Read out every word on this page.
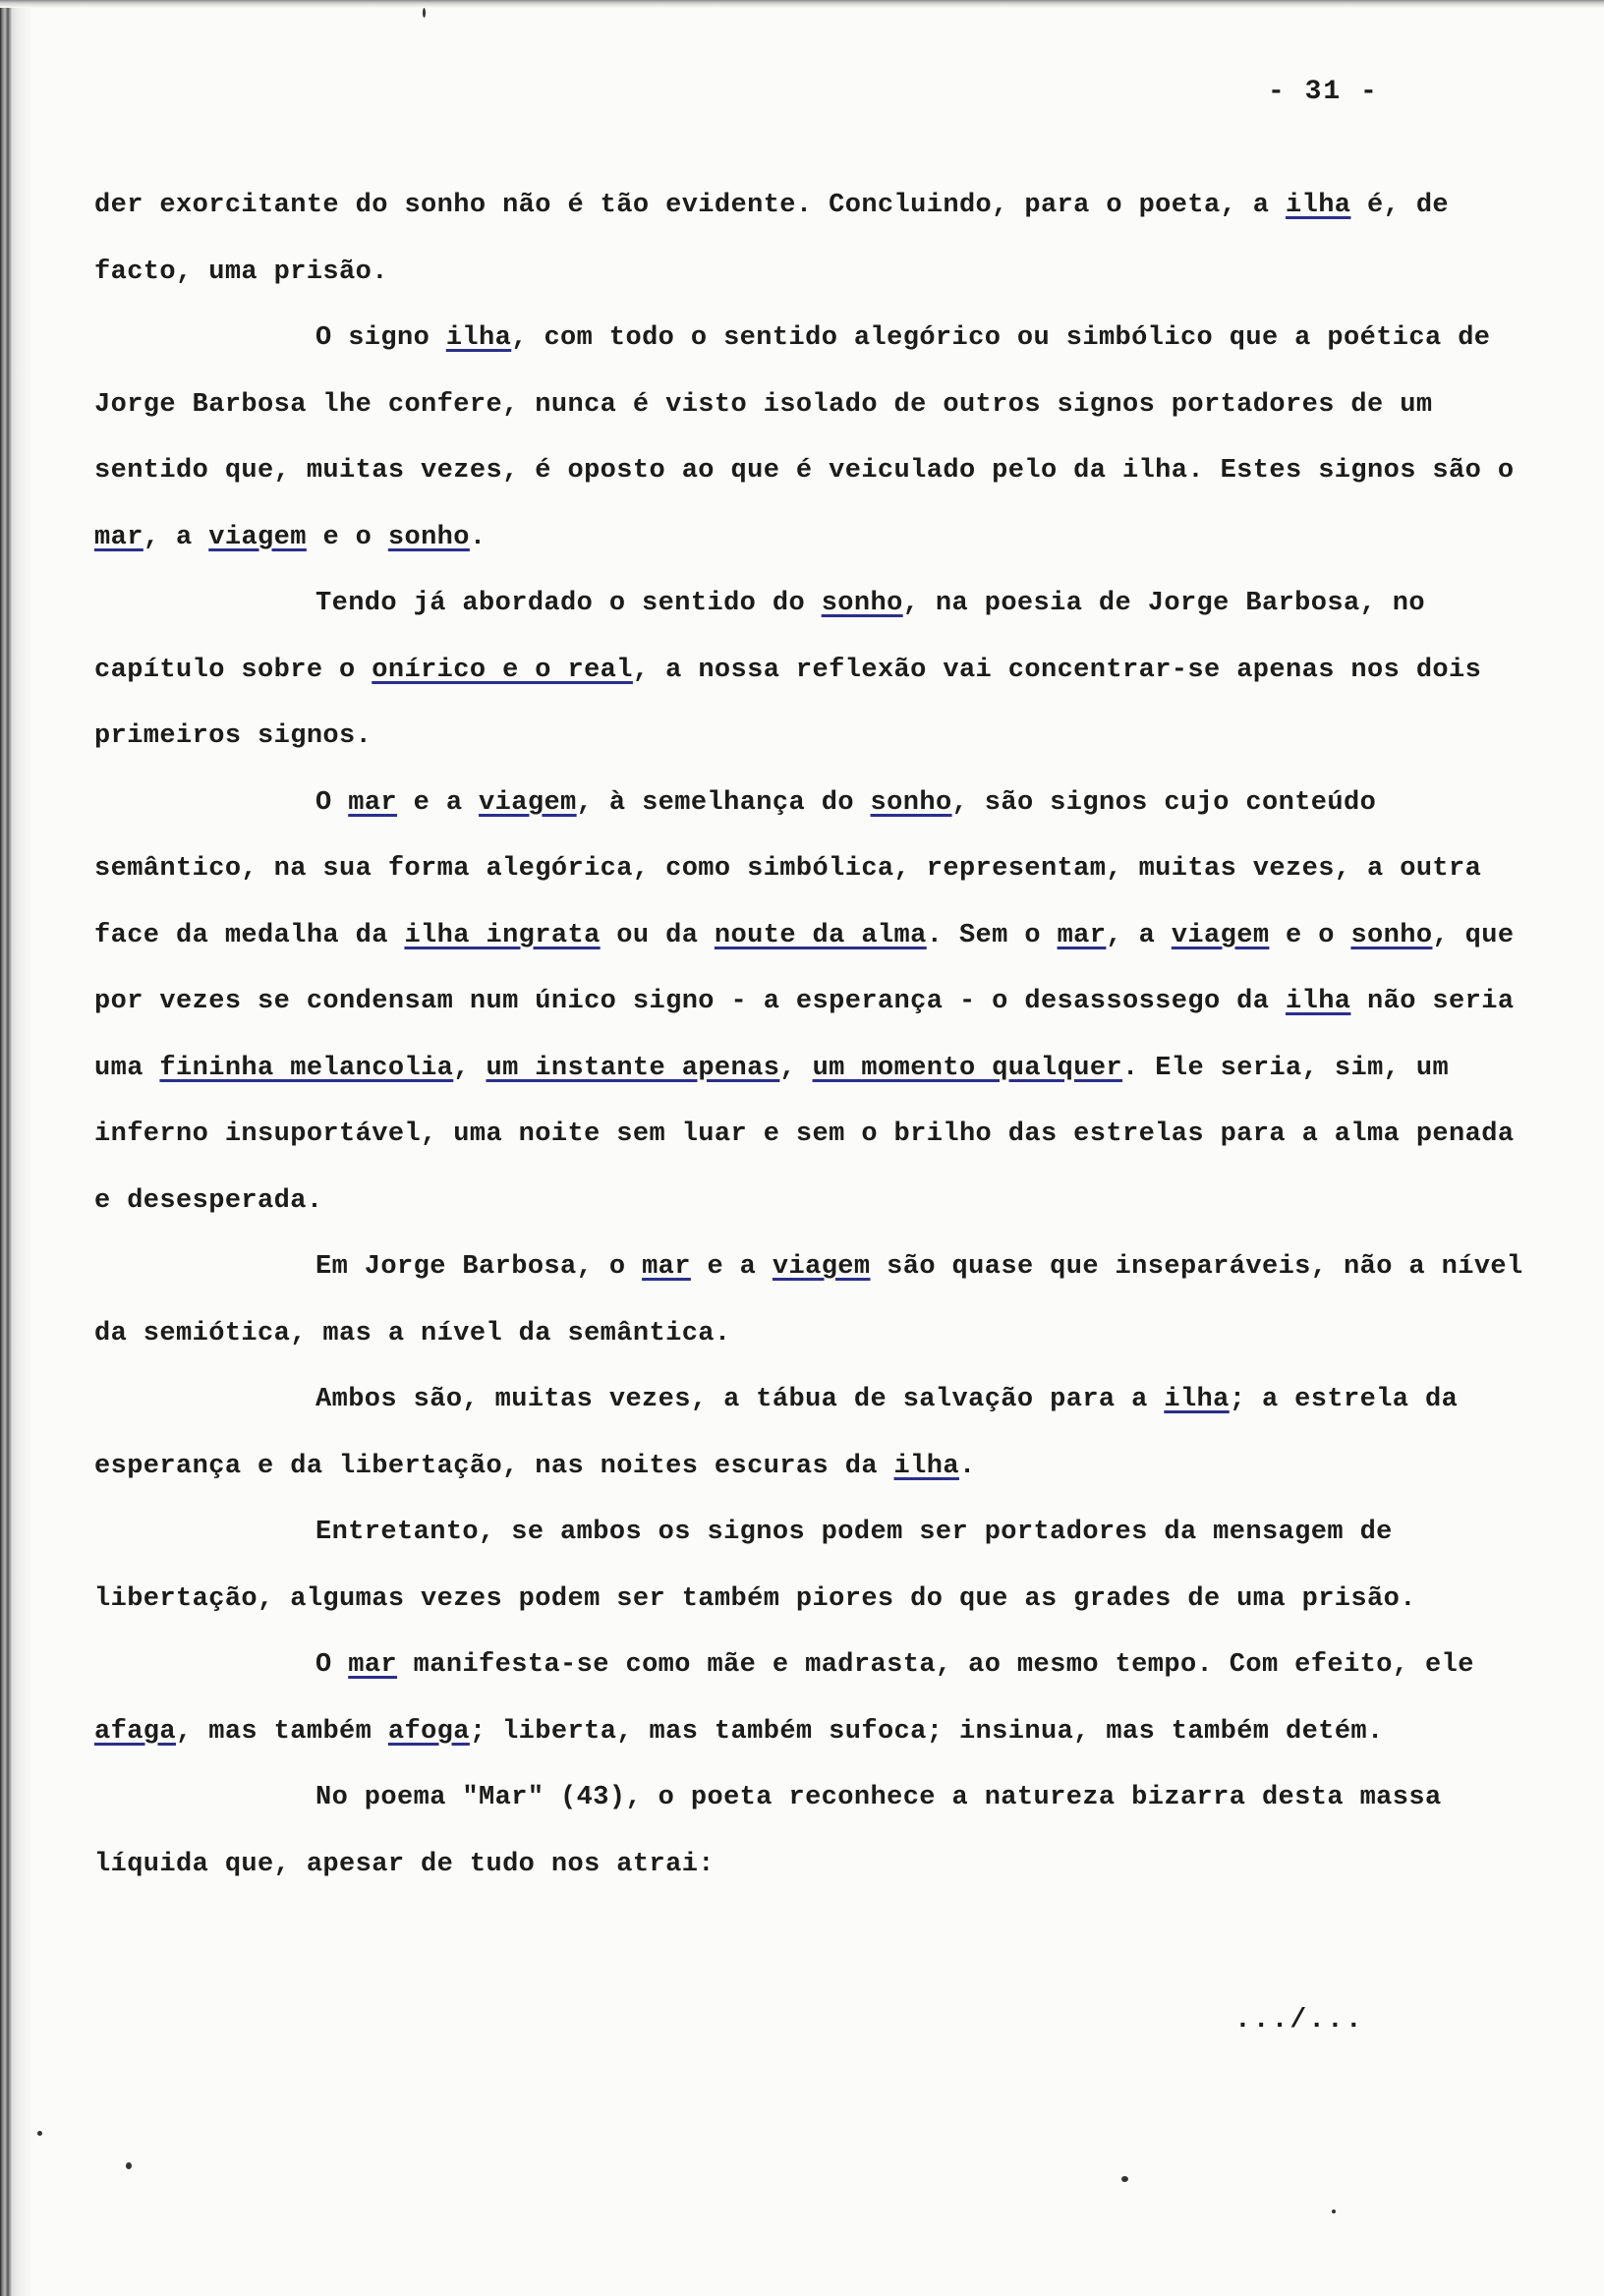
- 31 -
der exorcitante do sonho não é tão evidente. Concluindo, para o poeta, a ilha é, de facto, uma prisão.
O signo ilha, com todo o sentido alegórico ou simbólico que a poética de Jorge Barbosa lhe confere, nunca é visto isolado de outros signos portadores de um sentido que, muitas vezes, é oposto ao que é veiculado pelo da ilha. Estes signos são o mar, a viagem e o sonho.
Tendo já abordado o sentido do sonho, na poesia de Jorge Barbosa, no capítulo sobre o onírico e o real, a nossa reflexão vai concentrar-se apenas nos dois primeiros signos.
O mar e a viagem, à semelhança do sonho, são signos cujo conteúdo semântico, na sua forma alegórica, como simbólica, representam, muitas vezes, a outra face da medalha da ilha ingrata ou da noute da alma. Sem o mar, a viagem e o sonho, que por vezes se condensam num único signo - a esperança - o desassossego da ilha não seria uma fininha melancolia, um instante apenas, um momento qualquer. Ele seria, sim, um inferno insuportável, uma noite sem luar e sem o brilho das estrelas para a alma penada e desesperada.
Em Jorge Barbosa, o mar e a viagem são quase que inseparáveis, não a nível da semiótica, mas a nível da semântica.
Ambos são, muitas vezes, a tábua de salvação para a ilha; a estrela da esperança e da libertação, nas noites escuras da ilha.
Entretanto, se ambos os signos podem ser portadores da mensagem de libertação, algumas vezes podem ser também piores do que as grades de uma prisão.
O mar manifesta-se como mãe e madrasta, ao mesmo tempo. Com efeito, ele afaga, mas também afoga; liberta, mas também sufoca; insinua, mas também detém.
No poema "Mar" (43), o poeta reconhece a natureza bizarra desta massa líquida que, apesar de tudo nos atrai:
.../...
